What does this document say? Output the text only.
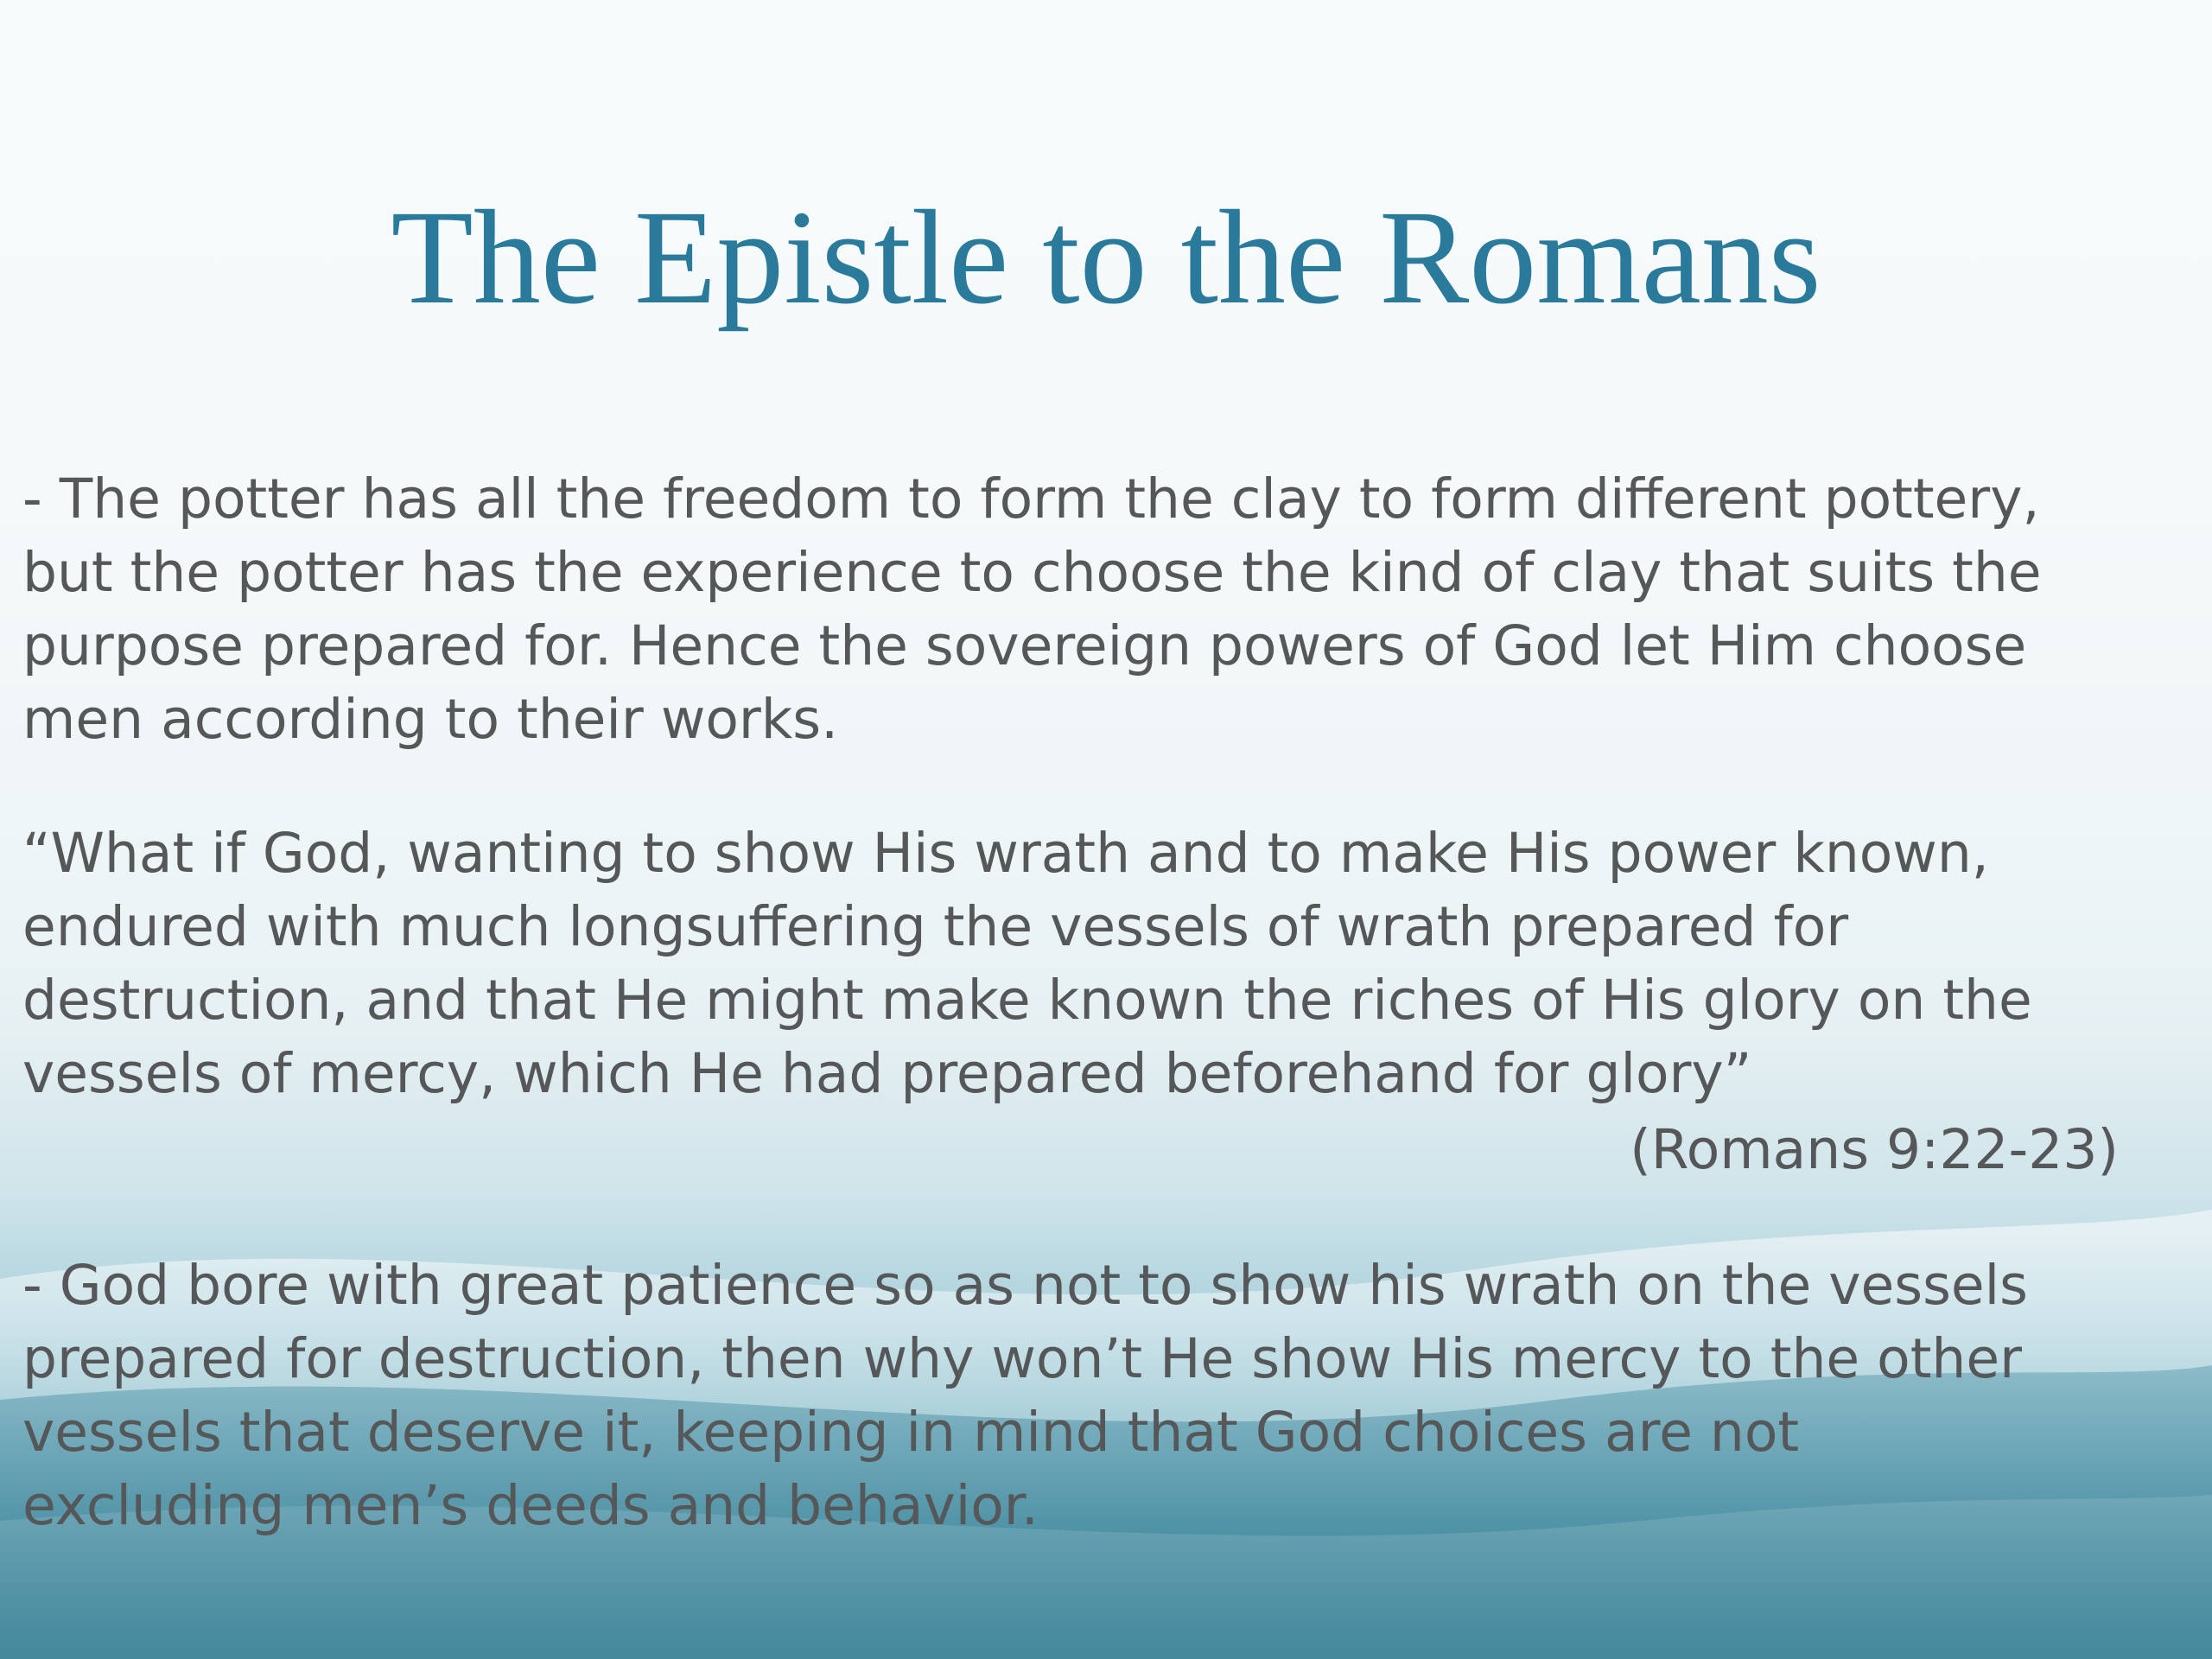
The Epistle to the Romans
- The potter has all the freedom to form the clay to form different pottery,
but the potter has the experience to choose the kind of clay that suits the
purpose prepared for. Hence the sovereign powers of God let Him choose
men according to their works.
“What if God, wanting to show His wrath and to make His power known,
endured with much longsuffering the vessels of wrath prepared for
destruction, and that He might make known the riches of His glory on the
vessels of mercy, which He had prepared beforehand for glory”
(Romans 9:22-23)
- God bore with great patience so as not to show his wrath on the vessels
prepared for destruction, then why won’t He show His mercy to the other
vessels that deserve it, keeping in mind that God choices are not
excluding men’s deeds and behavior.
